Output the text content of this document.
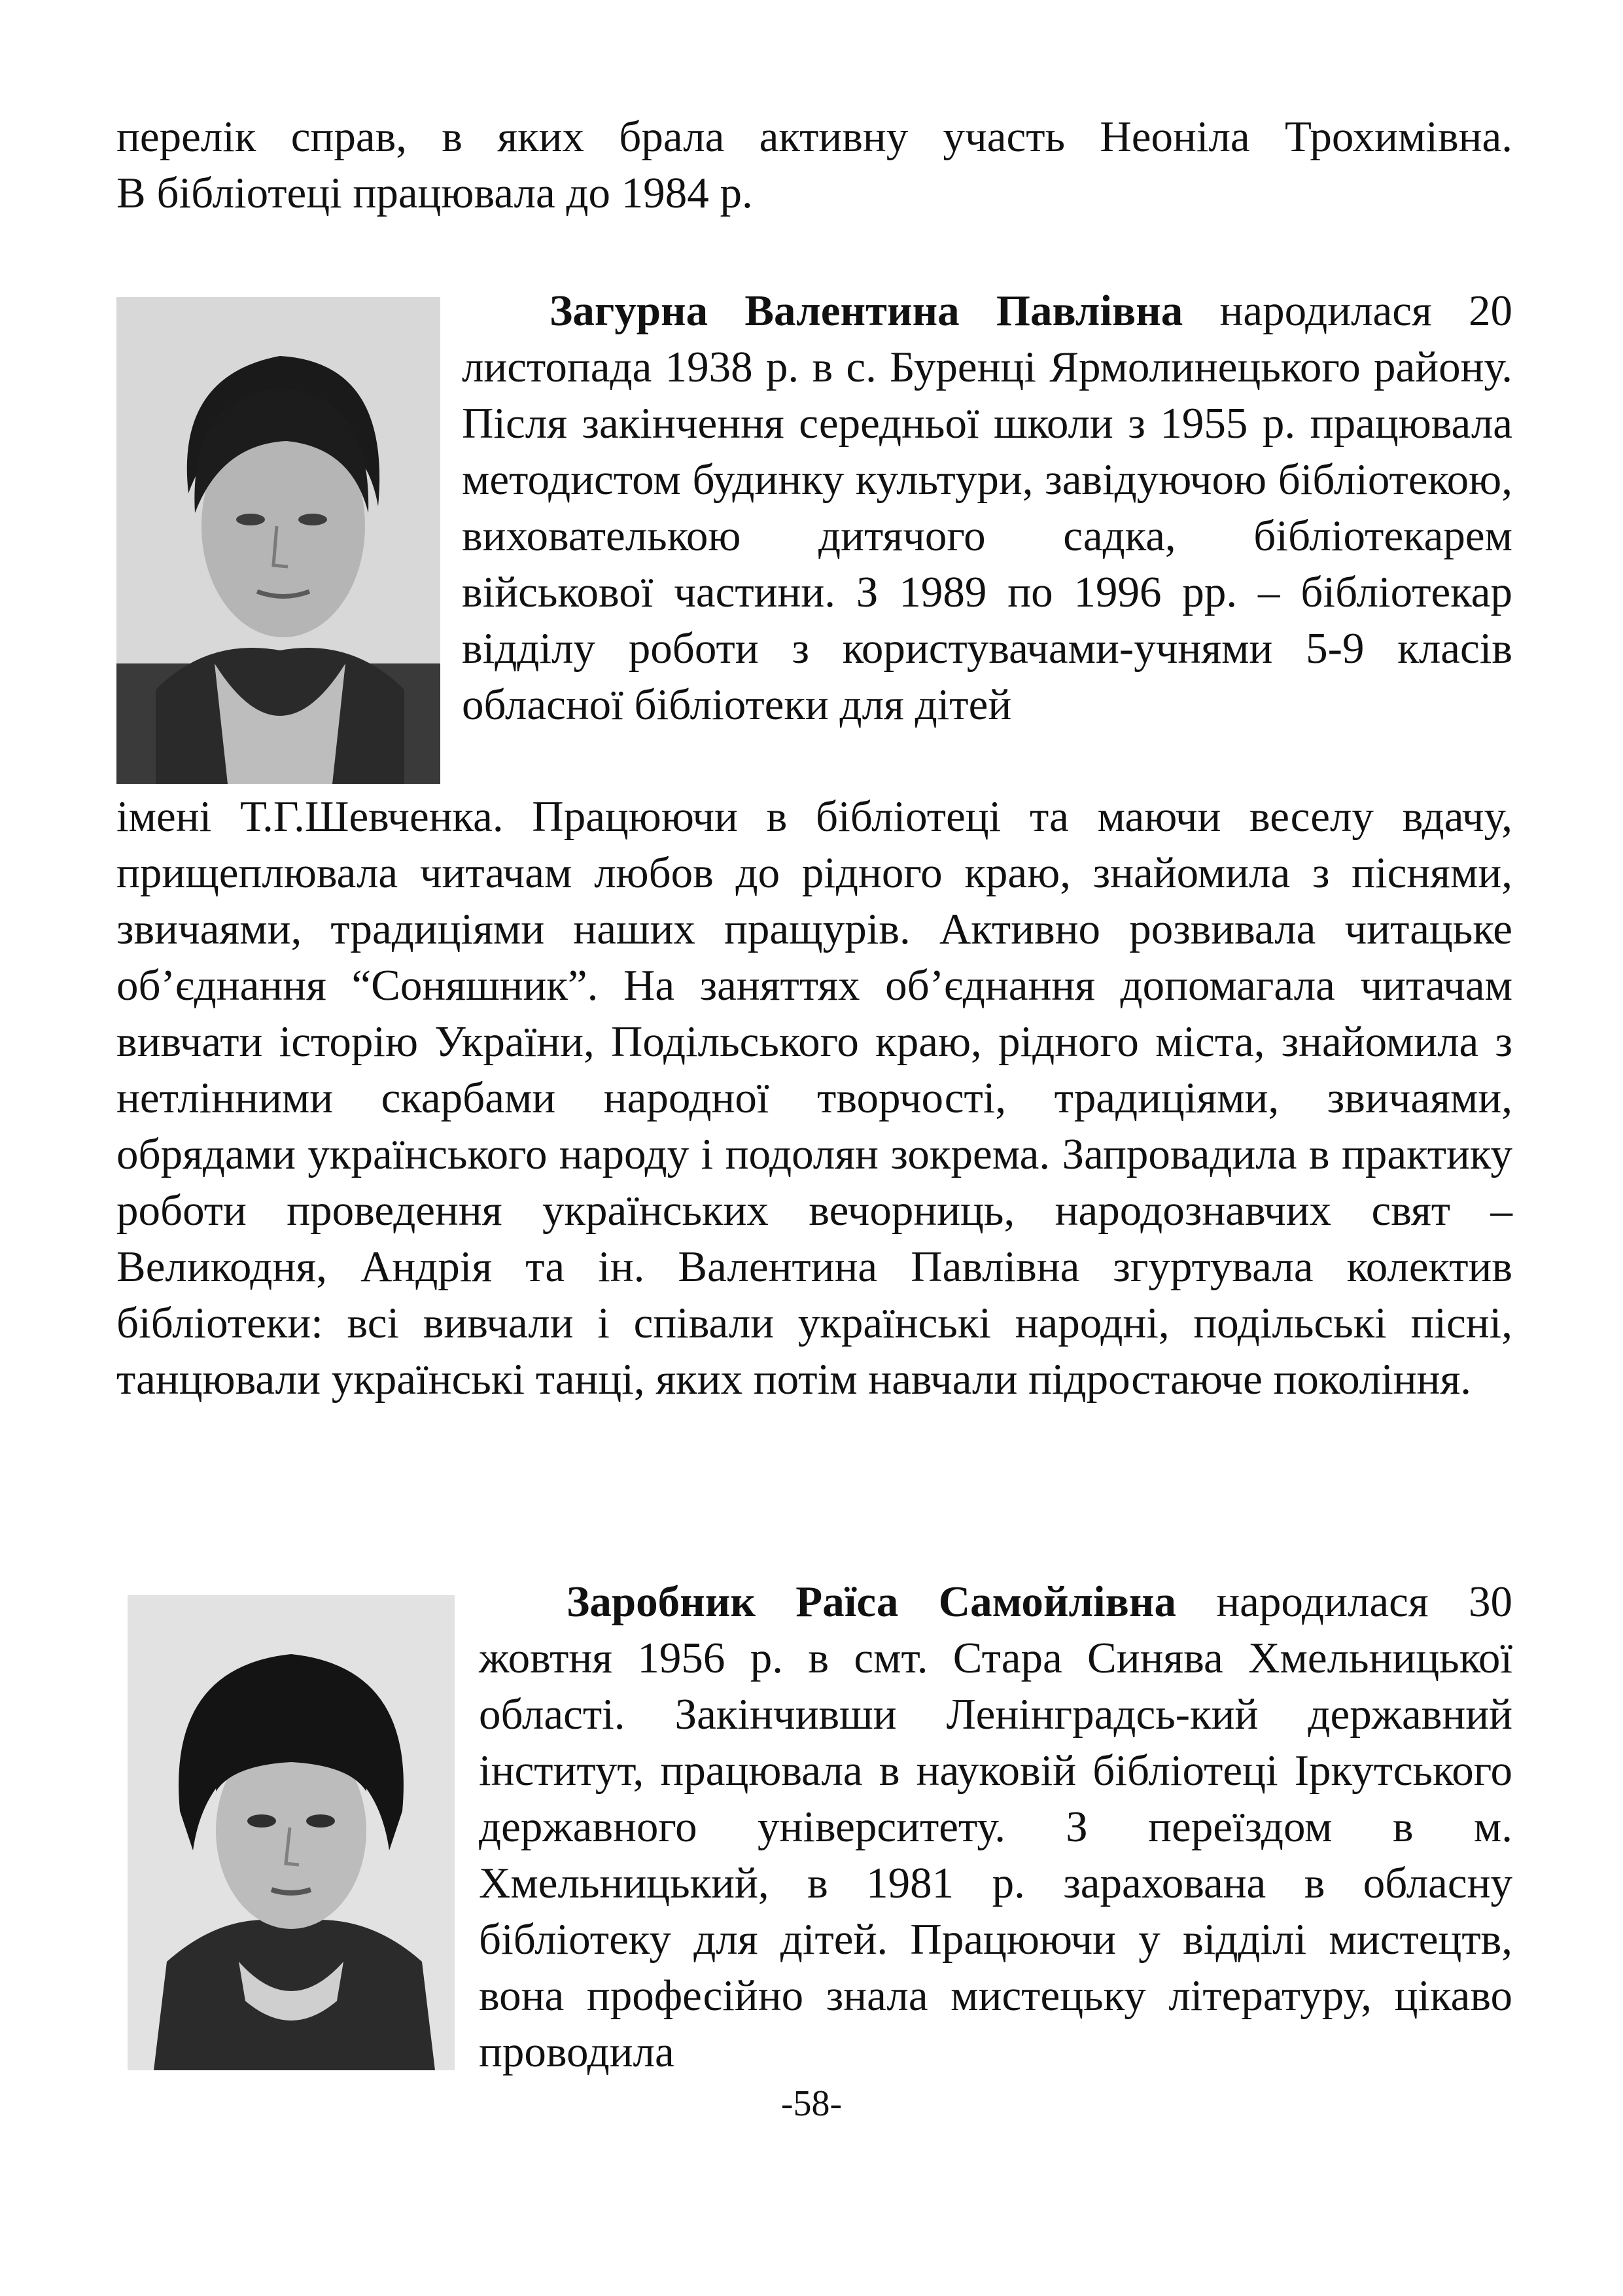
перелік справ, в яких брала активну участь Неоніла Трохимівна.
В бібліотеці працювала до 1984 р.
Загурна Валентина Павлівна народилася 20 листопада 1938 р. в с. Буренці Ярмолинецького району. Після закінчення середньої школи з 1955 р. працювала методистом будинку культури, завідуючою бібліотекою, вихователькою дитячого садка, бібліотекарем військової частини. З 1989 по 1996 рр. – бібліотекар відділу роботи з користувачами-учнями 5-9 класів обласної бібліотеки для дітей
імені Т.Г.Шевченка. Працюючи в бібліотеці та маючи веселу вдачу, прищеплювала читачам любов до рідного краю, знайомила з піснями, звичаями, традиціями наших пращурів. Активно розвивала читацьке об’єднання “Соняшник”. На заняттях об’єднання допомагала читачам вивчати історію України, Подільського краю, рідного міста, знайомила з нетлінними скарбами народної творчості, традиціями, звичаями, обрядами українського народу і подолян зокрема. Запровадила в практику роботи проведення українських вечорниць, народознавчих свят – Великодня, Андрія та ін. Валентина Павлівна згуртувала колектив бібліотеки: всі вивчали і співали українські народні, подільські пісні, танцювали українські танці, яких потім навчали підростаюче покоління.
Заробник Раїса Самойлівна народилася 30 жовтня 1956 р. в смт. Стара Синява Хмельницької області. Закінчивши Ленінградсь-кий державний інститут, працювала в науковій бібліотеці Іркутського державного університету. З переїздом в м. Хмельницький, в 1981 р. зарахована в обласну бібліотеку для дітей. Працюючи у відділі мистецтв, вона професійно знала мистецьку літературу, цікаво проводила
-58-
